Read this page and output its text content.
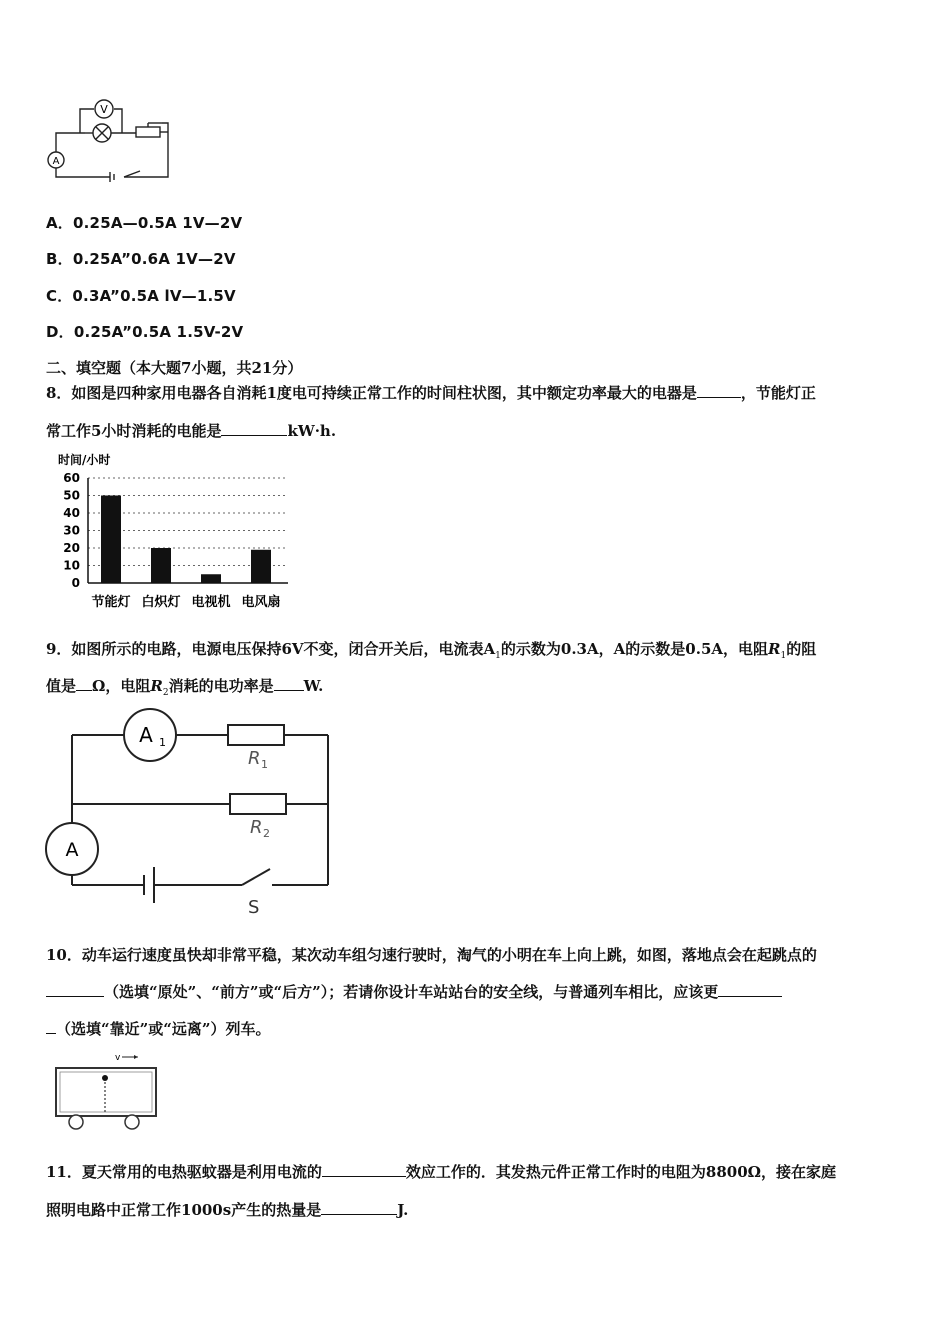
V
A
A．0.25A—0.5A 1V—2V
B．0.25A”0.6A 1V—2V
C．0.3A”0.5A lV—1.5V
D．0.25A”0.5A 1.5V-2V
二、填空题（本大题7小题，共21分）
8．如图是四种家用电器各自消耗1度电可持续正常工作的时间柱状图，其中额定功率最大的电器是	，节能灯正
常工作5小时消耗的电能是	kW·h.
时间/小时
0
10
20
30
40
50
60
节能灯 白炽灯 电视机 电风扇
9．如图所示的电路，电源电压保持6V不变，闭合开关后，电流表$A_1$的示数为0.3A，A的示数是0.5A，电阻$R_1$的阻
值是 Ω，电阻$R_2$消耗的电功率是 W.
A 1
R 1
R 2
A
S
10．动车运行速度虽快却非常平稳，某次动车组匀速行驶时，淘气的小明在车上向上跳，如图，落地点会在起跳点的
（选填“原处”、“前方”或“后方”）；若请你设计车站站台的安全线，与普通列车相比，应该更
（选填“靠近”或“远离”）列车。
v
11．夏天常用的电热驱蚊器是利用电流的	效应工作的．其发热元件正常工作时的电阻为8800Ω，接在家庭
照明电路中正常工作1000s产生的热量是	J.
